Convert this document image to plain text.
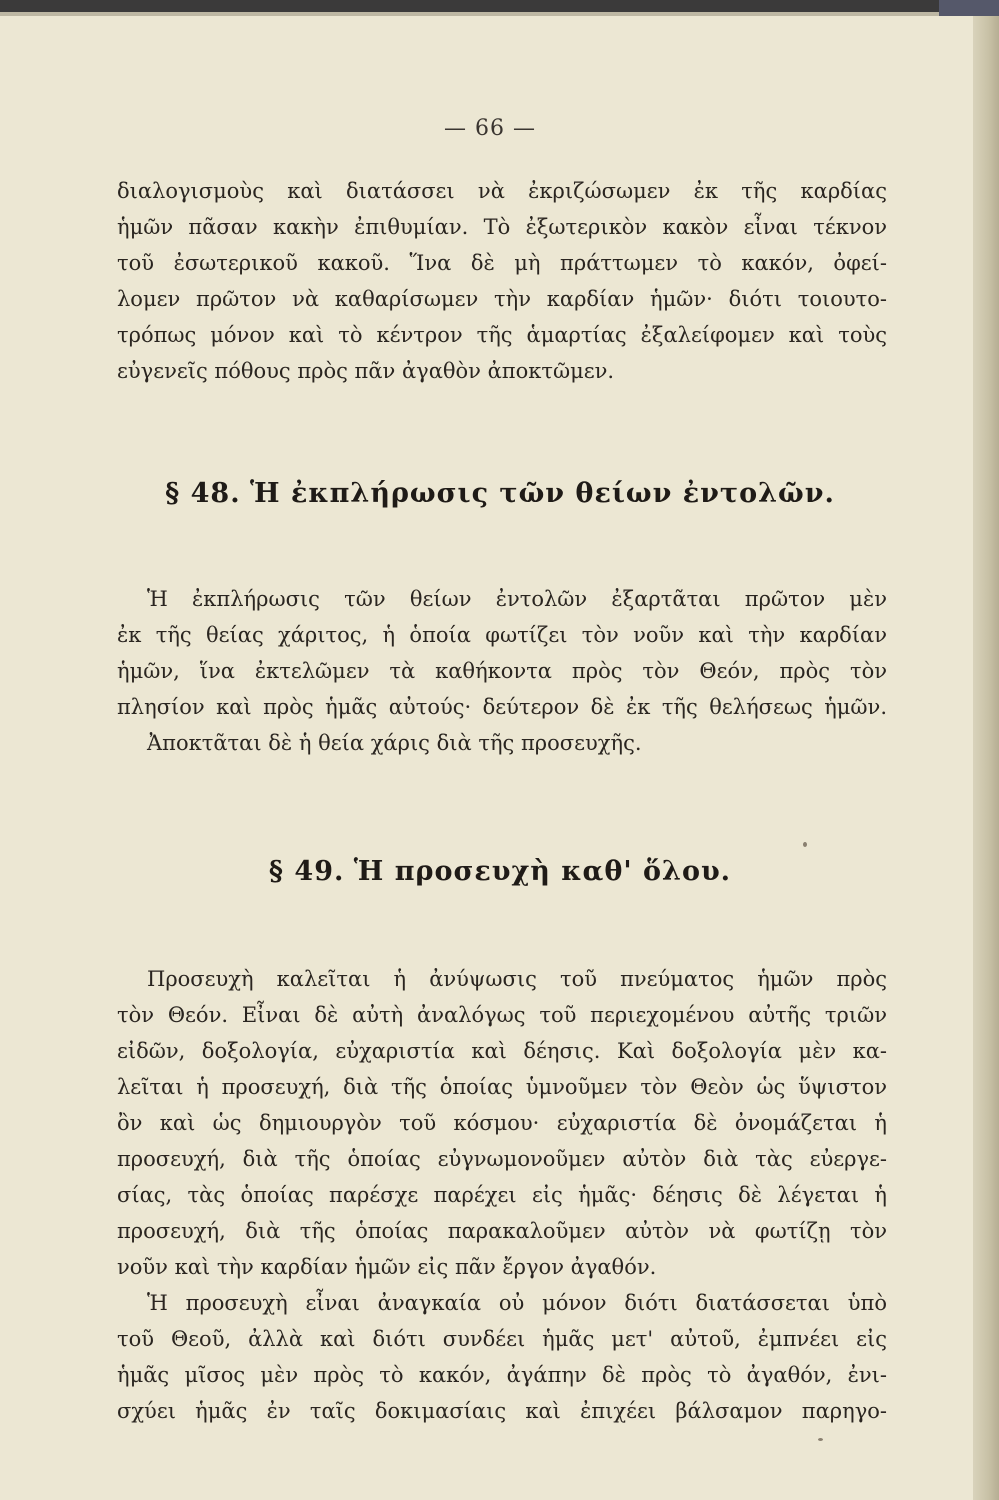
— 66 —
διαλογισμοὺς καὶ διατάσσει νὰ ἐκριζώσωμεν ἐκ τῆς καρδίας
ἡμῶν πᾶσαν κακὴν ἐπιθυμίαν. Τὸ ἐξωτερικὸν κακὸν εἶναι τέκνον
τοῦ ἐσωτερικοῦ κακοῦ. Ἵνα δὲ μὴ πράττωμεν τὸ κακόν, ὀφεί-
λομεν πρῶτον νὰ καθαρίσωμεν τὴν καρδίαν ἡμῶν· διότι τοιουτο-
τρόπως μόνον καὶ τὸ κέντρον τῆς ἁμαρτίας ἐξαλείφομεν καὶ τοὺς
εὐγενεῖς πόθους πρὸς πᾶν ἀγαθὸν ἀποκτῶμεν.
§ 48. Ἡ ἐκπλήρωσις τῶν θείων ἐντολῶν.
Ἡ ἐκπλήρωσις τῶν θείων ἐντολῶν ἐξαρτᾶται πρῶτον μὲν
ἐκ τῆς θείας χάριτος, ἡ ὁποία φωτίζει τὸν νοῦν καὶ τὴν καρδίαν
ἡμῶν, ἵνα ἐκτελῶμεν τὰ καθήκοντα πρὸς τὸν Θεόν, πρὸς τὸν
πλησίον καὶ πρὸς ἡμᾶς αὐτούς· δεύτερον δὲ ἐκ τῆς θελήσεως ἡμῶν.
Ἀποκτᾶται δὲ ἡ θεία χάρις διὰ τῆς προσευχῆς.
§ 49. Ἡ προσευχὴ καθ' ὅλου.
Προσευχὴ καλεῖται ἡ ἀνύψωσις τοῦ πνεύματος ἡμῶν πρὸς
τὸν Θεόν. Εἶναι δὲ αὐτὴ ἀναλόγως τοῦ περιεχομένου αὐτῆς τριῶν
εἰδῶν, δοξολογία, εὐχαριστία καὶ δέησις. Καὶ δοξολογία μὲν κα-
λεῖται ἡ προσευχή, διὰ τῆς ὁποίας ὑμνοῦμεν τὸν Θεὸν ὡς ὕψιστον
ὂν καὶ ὡς δημιουργὸν τοῦ κόσμου· εὐχαριστία δὲ ὀνομάζεται ἡ
προσευχή, διὰ τῆς ὁποίας εὐγνωμονοῦμεν αὐτὸν διὰ τὰς εὐεργε-
σίας, τὰς ὁποίας παρέσχε παρέχει εἰς ἡμᾶς· δέησις δὲ λέγεται ἡ
προσευχή, διὰ τῆς ὁποίας παρακαλοῦμεν αὐτὸν νὰ φωτίζῃ τὸν
νοῦν καὶ τὴν καρδίαν ἡμῶν εἰς πᾶν ἔργον ἀγαθόν.
Ἡ προσευχὴ εἶναι ἀναγκαία οὐ μόνον διότι διατάσσεται ὑπὸ
τοῦ Θεοῦ, ἀλλὰ καὶ διότι συνδέει ἡμᾶς μετ' αὐτοῦ, ἐμπνέει εἰς
ἡμᾶς μῖσος μὲν πρὸς τὸ κακόν, ἀγάπην δὲ πρὸς τὸ ἀγαθόν, ἐνι-
σχύει ἡμᾶς ἐν ταῖς δοκιμασίαις καὶ ἐπιχέει βάλσαμον παρηγο-
